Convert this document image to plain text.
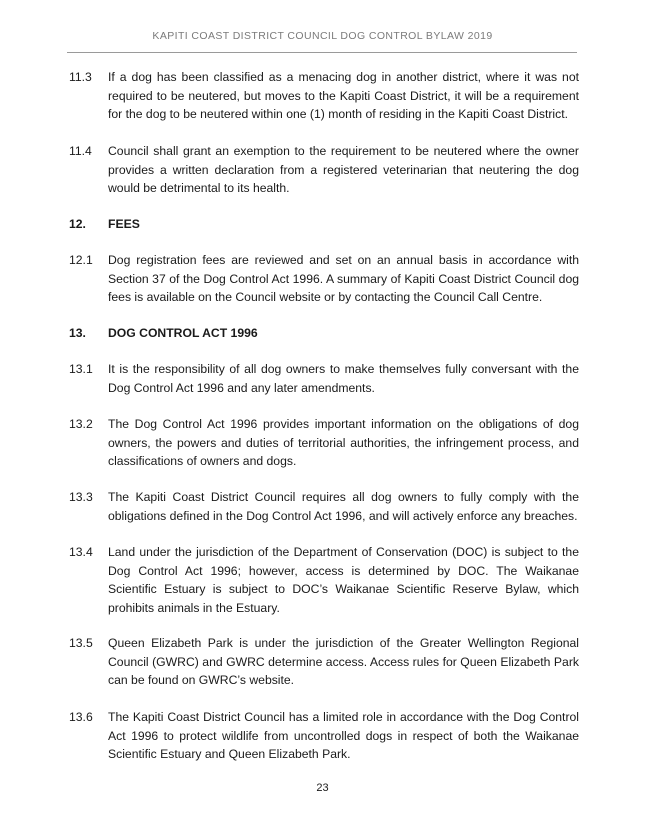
KAPITI COAST DISTRICT COUNCIL DOG CONTROL BYLAW 2019
11.3	If a dog has been classified as a menacing dog in another district, where it was not required to be neutered, but moves to the Kapiti Coast District, it will be a requirement for the dog to be neutered within one (1) month of residing in the Kapiti Coast District.
11.4	Council shall grant an exemption to the requirement to be neutered where the owner provides a written declaration from a registered veterinarian that neutering the dog would be detrimental to its health.
12.	FEES
12.1	Dog registration fees are reviewed and set on an annual basis in accordance with Section 37 of the Dog Control Act 1996. A summary of Kapiti Coast District Council dog fees is available on the Council website or by contacting the Council Call Centre.
13.	DOG CONTROL ACT 1996
13.1	It is the responsibility of all dog owners to make themselves fully conversant with the Dog Control Act 1996 and any later amendments.
13.2	The Dog Control Act 1996 provides important information on the obligations of dog owners, the powers and duties of territorial authorities, the infringement process, and classifications of owners and dogs.
13.3	The Kapiti Coast District Council requires all dog owners to fully comply with the obligations defined in the Dog Control Act 1996, and will actively enforce any breaches.
13.4	Land under the jurisdiction of the Department of Conservation (DOC) is subject to the Dog Control Act 1996; however, access is determined by DOC. The Waikanae Scientific Estuary is subject to DOC’s Waikanae Scientific Reserve Bylaw, which prohibits animals in the Estuary.
13.5	Queen Elizabeth Park is under the jurisdiction of the Greater Wellington Regional Council (GWRC) and GWRC determine access. Access rules for Queen Elizabeth Park can be found on GWRC’s website.
13.6	The Kapiti Coast District Council has a limited role in accordance with the Dog Control Act 1996 to protect wildlife from uncontrolled dogs in respect of both the Waikanae Scientific Estuary and Queen Elizabeth Park.
23
